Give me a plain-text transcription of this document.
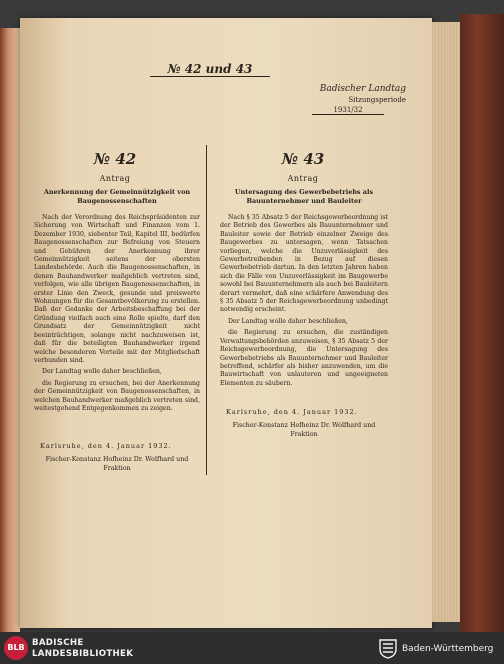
№ 42 und 43
Badischer Landtag
Sitzungsperiode
1931/32
№ 42
Antrag
Anerkennung der Gemeinnützigkeit von Baugenossenschaften

Nach der Verordnung des Reichspräsidenten zur Sicherung von Wirtschaft und Finanzen vom 1. Dezember 1930, siebenter Teil, Kapitel III, bedürfen Baugenossenschaften zur Befreiung von Steuern und Gebühren der Anerkennung ihrer Gemeinnützigkeit seitens der obersten Landesbehörde. Auch die Baugenossenschaften, in denen Bauhandwerker maßgeblich vertreten sind, verfolgen, wie alle übrigen Baugenossenschaften, in erster Linie den Zweck, gesunde und preiswerte Wohnungen für die Gesamtbevölkerung zu erstellen. Daß der Gedanke der Arbeitsbeschaffung bei der Gründung vielfach auch eine Rolle spielte, darf den Grundsatz der Gemeinnützigkeit nicht beeinträchtigen, solange nicht nachzuweisen ist, daß für die beteiligten Bauhandwerker irgend welche besonderen Vorteile mit der Mitgliedschaft verbunden sind.

Der Landtag wolle daher beschließen,

die Regierung zu ersuchen, bei der Anerkennung der Gemeinnützigkeit von Baugenossenschaften, in welchen Bauhandwerker maßgeblich vertreten sind, weitestgehend Entgegenkommen zu zeigen.

Karlsruhe, den 4. Januar 1932.
Fischer-Konstanz Hofheinz Dr. Wolfhard und Fraktion
№ 43
Antrag
Untersagung des Gewerbebetriebs als Bauunternehmer und Bauleiter

Nach § 35 Absatz 5 der Reichsgewerbeordnung ist der Betrieb des Gewerbes als Bauunternehmer und Bauleiter sowie der Betrieb einzelner Zweige des Baugewerbes zu untersagen, wenn Tatsachen vorliegen, welche die Unzuverlässigkeit des Gewerbetreibenden in Bezug auf diesen Gewerbebetrieb dartun. In den letzten Jahren haben sich die Fälle von Unzuverlässigkeit im Baugewerbe sowohl bei Bauunternehmern als auch bei Bauleitern derart vermehrt, daß eine schärfere Anwendung des § 35 Absatz 5 der Reichsgewerbeordnung unbedingt notwendig erscheint.

Der Landtag wolle daher beschließen,

die Regierung zu ersuchen, die zuständigen Verwaltungsbehörden anzuweisen, § 35 Absatz 5 der Reichsgewerbeordnung, die Untersagung des Gewerbebetriebs als Bauunternehmer und Bauleiter betreffend, schärfer als bisher anzuwenden, um die Bauwirtschaft von unlauteren und ungeeigneten Elementen zu säubern.

Karlsruhe, den 4. Januar 1932.
Fischer-Konstanz Hofheinz Dr. Wolfhard und Fraktion
BLB BADISCHE
LANDESBIBLIOTHEK	Baden-Württemberg
